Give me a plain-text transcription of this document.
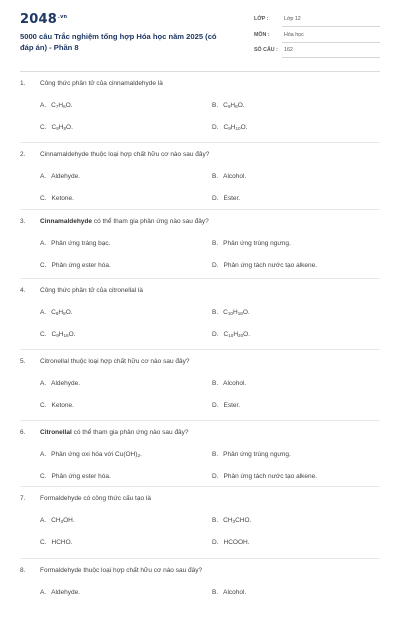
$2048^{.vn}$
5000 câu Trắc nghiệm tổng hợp Hóa học năm 2025 (có đáp án) - Phần 8
LỚP :	Lớp 12
MÔN :	Hóa học
SỐ CÂU : 162
1. Công thức phân tử của cinnamaldehyde là
A. $C_7H_6O$.	B. $C_9H_8O$.
C. $C_8H_8O$.	D. $C_9H_{10}O$.
2. Cinnamaldehyde thuộc loại hợp chất hữu cơ nào sau đây?
A. Aldehyde.	B. Alcohol.
C. Ketone.	D. Ester.
3. Cinnamaldehyde có thể tham gia phản ứng nào sau đây?
A. Phản ứng tráng bạc.	B. Phản ứng trùng ngưng.
C. Phản ứng ester hóa.	D. Phản ứng tách nước tạo alkene.
4. Công thức phân tử của citronellal là
A. $C_8H_8O$.	B. $C_{10}H_{18}O$.
C. $C_9H_{16}O$.	D. $C_{10}H_{20}O$.
5. Citronellal thuộc loại hợp chất hữu cơ nào sau đây?
A. Aldehyde.	B. Alcohol.
C. Ketone.	D. Ester.
6. Citronellal có thể tham gia phản ứng nào sau đây?
A. Phản ứng oxi hóa với $Cu(OH)_2$.	B. Phản ứng trùng ngưng.
C. Phản ứng ester hóa.	D. Phản ứng tách nước tạo alkene.
7. Formaldehyde có công thức cấu tạo là
A. $CH_3OH$.	B. $CH_3CHO$.
C. HCHO.	D. HCOOH.
8. Formaldehyde thuộc loại hợp chất hữu cơ nào sau đây?
A. Aldehyde.	B. Alcohol.
